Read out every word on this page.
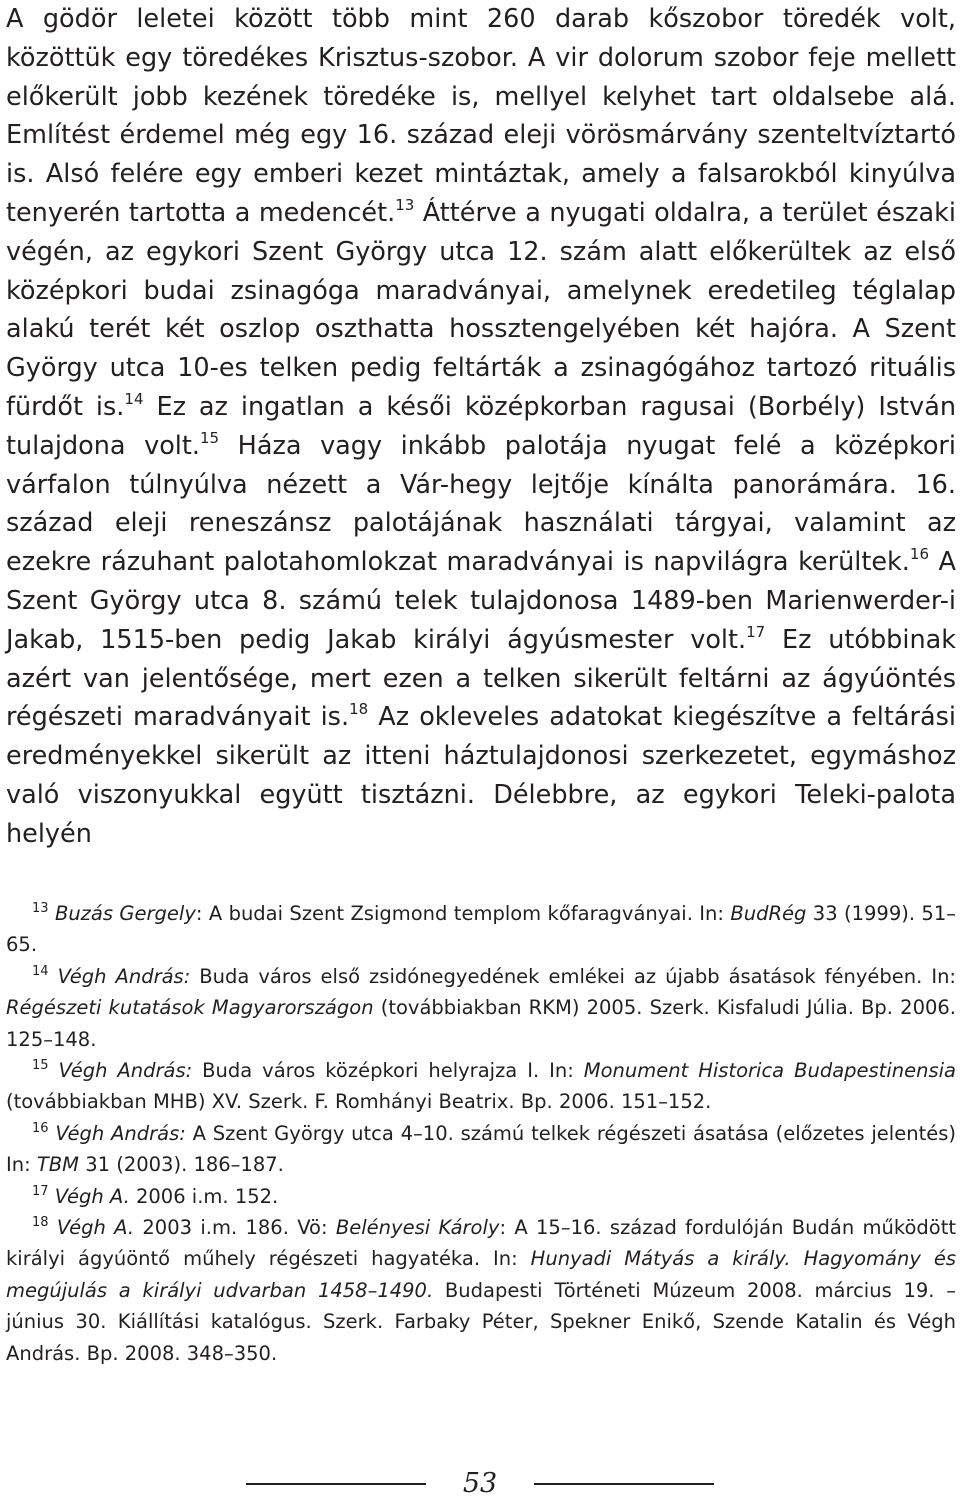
A gödör leletei között több mint 260 darab kőszobor töredék volt, közöttük egy töredékes Krisztus-szobor. A vir dolorum szobor feje mellett előkerült jobb kezének töredéke is, mellyel kelyhet tart oldalsebe alá. Említést érdemel még egy 16. század eleji vörösmárvány szenteltvíztartó is. Alsó felére egy emberi kezet mintáztak, amely a falsarokból kinyúlva tenyerén tartotta a medencét.$^{13}$ Áttérve a nyugati oldalra, a terület északi végén, az egykori Szent György utca 12. szám alatt előkerültek az első középkori budai zsinagóga maradványai, amelynek eredetileg téglalap alakú terét két oszlop oszthatta hossztengelyében két hajóra. A Szent György utca 10-es telken pedig feltárták a zsinagógához tartozó rituális fürdőt is.$^{14}$ Ez az ingatlan a késői középkorban ragusai (Borbély) István tulajdona volt.$^{15}$ Háza vagy inkább palotája nyugat felé a középkori várfalon túlnyúlva nézett a Vár-hegy lejtője kínálta panorámára. 16. század eleji reneszánsz palotájának használati tárgyai, valamint az ezekre rázuhant palotahomlokzat maradványai is napvilágra kerültek.$^{16}$ A Szent György utca 8. számú telek tulajdonosa 1489-ben Marienwerder-i Jakab, 1515-ben pedig Jakab királyi ágyúsmester volt.$^{17}$ Ez utóbbinak azért van jelentősége, mert ezen a telken sikerült feltárni az ágyúöntés régészeti maradványait is.$^{18}$ Az okleveles adatokat kiegészítve a feltárási eredményekkel sikerült az itteni háztulajdonosi szerkezetet, egymáshoz való viszonyukkal együtt tisztázni. Délebbre, az egykori Teleki-palota helyén

$^{13}$ Buzás Gergely: A budai Szent Zsigmond templom kőfaragványai. In: BudRég 33 (1999). 51–65.

$^{14}$ Végh András: Buda város első zsidónegyedének emlékei az újabb ásatások fényében. In: Régészeti kutatások Magyarországon (továbbiakban RKM) 2005. Szerk. Kisfaludi Júlia. Bp. 2006. 125–148.

$^{15}$ Végh András: Buda város középkori helyrajza I. In: Monument Historica Budapestinensia (továbbiakban MHB) XV. Szerk. F. Romhányi Beatrix. Bp. 2006. 151–152.

$^{16}$ Végh András: A Szent György utca 4–10. számú telkek régészeti ásatása (előzetes jelentés) In: TBM 31 (2003). 186–187.

$^{17}$ Végh A. 2006 i.m. 152.

$^{18}$ Végh A. 2003 i.m. 186. Vö: Belényesi Károly: A 15–16. század fordulóján Budán működött királyi ágyúöntő műhely régészeti hagyatéka. In: Hunyadi Mátyás a király. Hagyomány és megújulás a királyi udvarban 1458–1490. Budapesti Történeti Múzeum 2008. március 19. – június 30. Kiállítási katalógus. Szerk. Farbaky Péter, Spekner Enikő, Szende Katalin és Végh András. Bp. 2008. 348–350.

53
